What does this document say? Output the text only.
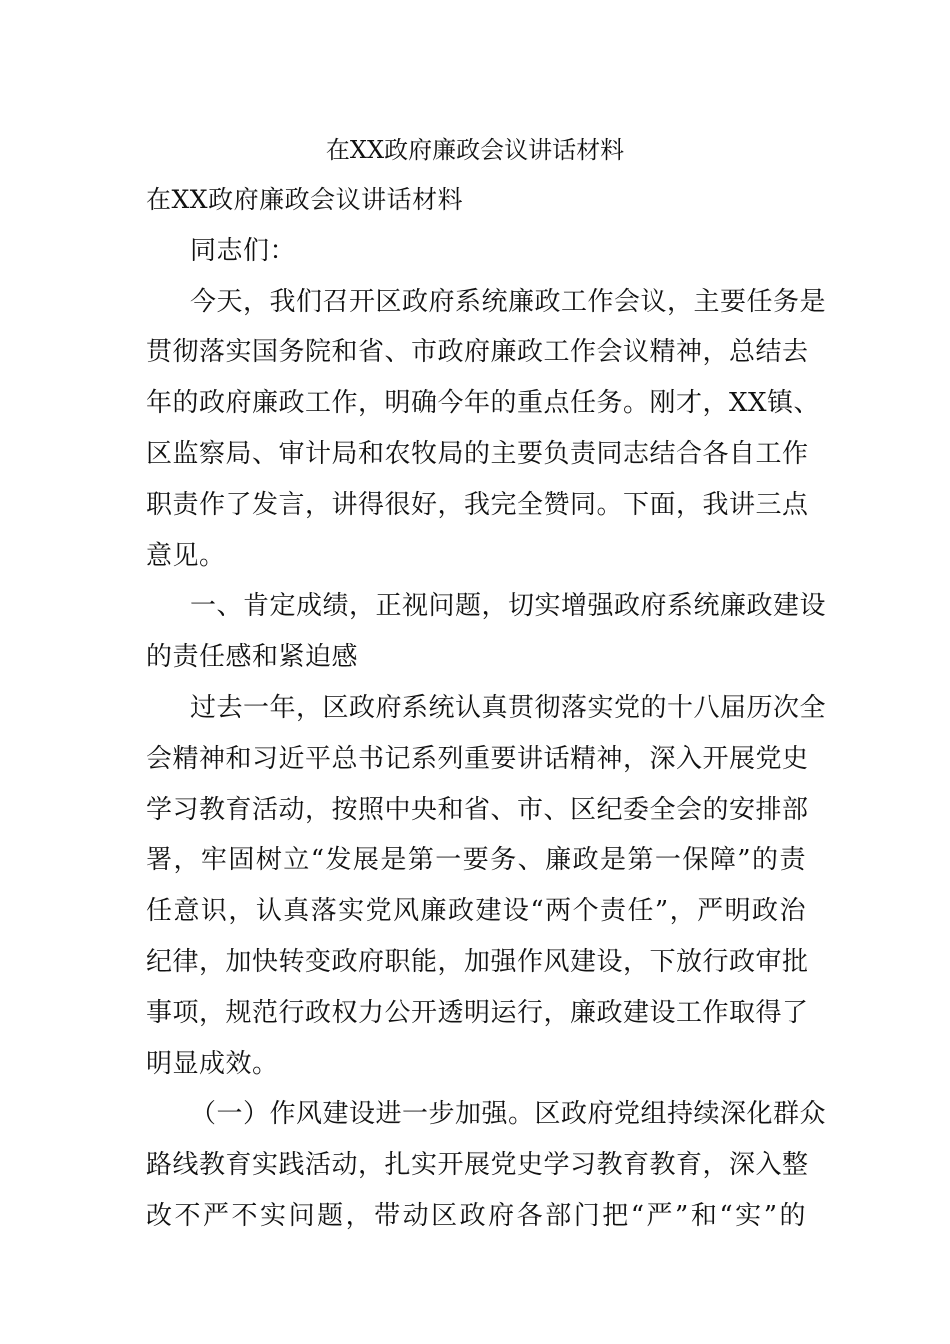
在XX政府廉政会议讲话材料
在XX政府廉政会议讲话材料
同志们：
今天，我们召开区政府系统廉政工作会议，主要任务是
贯彻落实国务院和省、市政府廉政工作会议精神，总结去
年的政府廉政工作，明确今年的重点任务。刚才，XX镇、
区监察局、审计局和农牧局的主要负责同志结合各自工作
职责作了发言，讲得很好，我完全赞同。下面，我讲三点
意见。
一、肯定成绩，正视问题，切实增强政府系统廉政建设
的责任感和紧迫感
过去一年，区政府系统认真贯彻落实党的十八届历次全
会精神和习近平总书记系列重要讲话精神，深入开展党史
学习教育活动，按照中央和省、市、区纪委全会的安排部
署，牢固树立“发展是第一要务、廉政是第一保障”的责
任意识，认真落实党风廉政建设“两个责任”，严明政治
纪律，加快转变政府职能，加强作风建设，下放行政审批
事项，规范行政权力公开透明运行，廉政建设工作取得了
明显成效。
（一）作风建设进一步加强。区政府党组持续深化群众
路线教育实践活动，扎实开展党史学习教育教育，深入整
改不严不实问题，带动区政府各部门把“严”和“实”的
